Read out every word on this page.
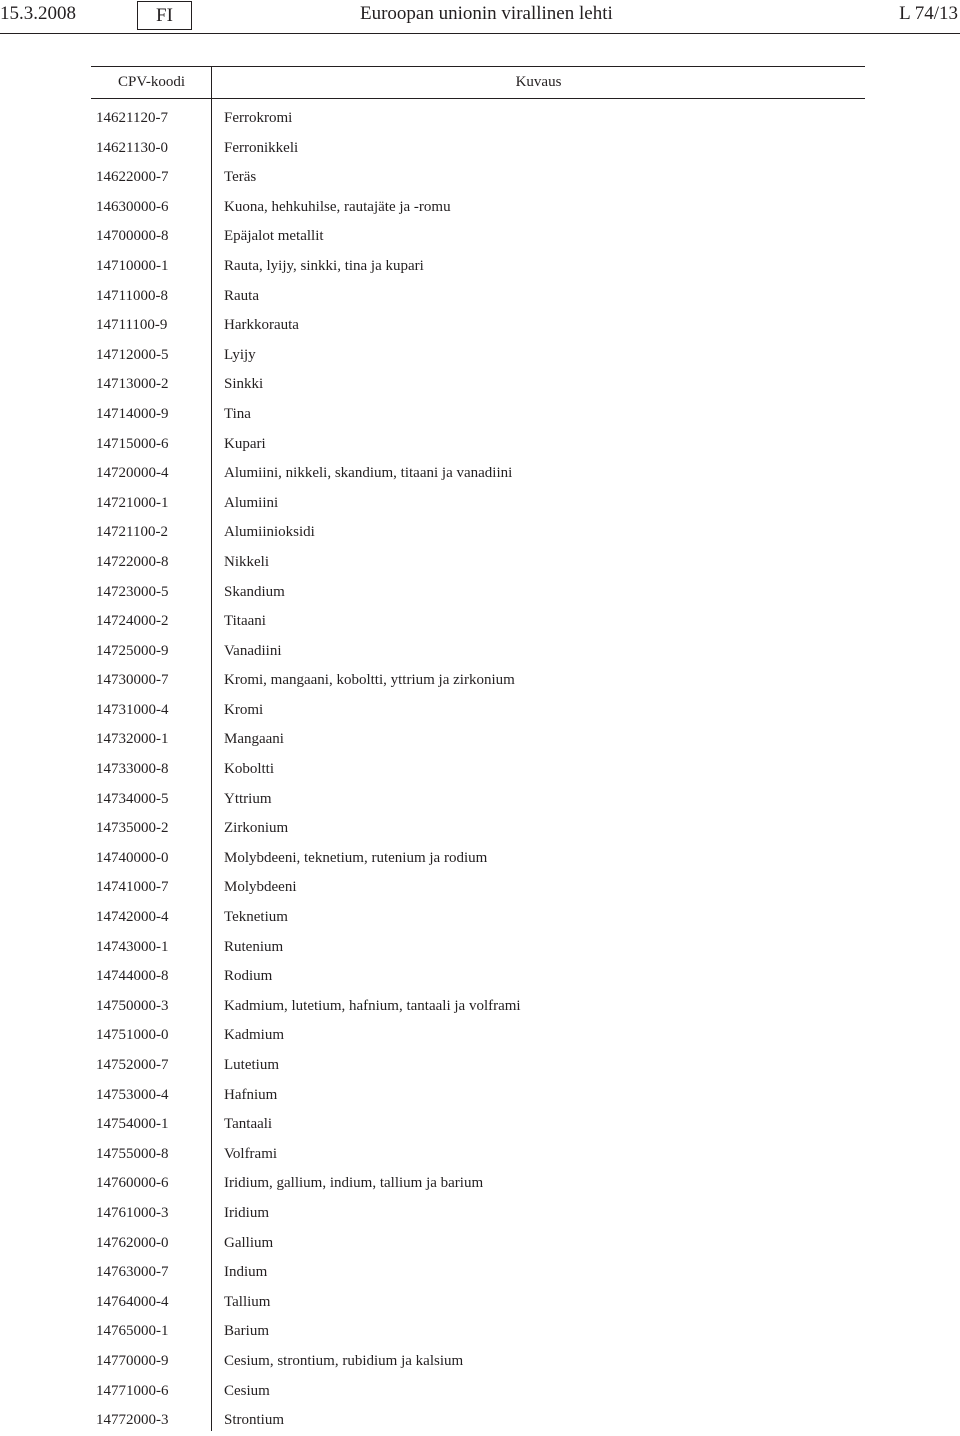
15.3.2008	FI	Euroopan unionin virallinen lehti	L 74/13
CPV-koodi	Kuvaus
14621120-7	Ferrokromi
14621130-0	Ferronikkeli
14622000-7	Teräs
14630000-6	Kuona, hehkuhilse, rautajäte ja -romu
14700000-8	Epäjalot metallit
14710000-1	Rauta, lyijy, sinkki, tina ja kupari
14711000-8	Rauta
14711100-9	Harkkorauta
14712000-5	Lyijy
14713000-2	Sinkki
14714000-9	Tina
14715000-6	Kupari
14720000-4	Alumiini, nikkeli, skandium, titaani ja vanadiini
14721000-1	Alumiini
14721100-2	Alumiinioksidi
14722000-8	Nikkeli
14723000-5	Skandium
14724000-2	Titaani
14725000-9	Vanadiini
14730000-7	Kromi, mangaani, koboltti, yttrium ja zirkonium
14731000-4	Kromi
14732000-1	Mangaani
14733000-8	Koboltti
14734000-5	Yttrium
14735000-2	Zirkonium
14740000-0	Molybdeeni, teknetium, rutenium ja rodium
14741000-7	Molybdeeni
14742000-4	Teknetium
14743000-1	Rutenium
14744000-8	Rodium
14750000-3	Kadmium, lutetium, hafnium, tantaali ja volframi
14751000-0	Kadmium
14752000-7	Lutetium
14753000-4	Hafnium
14754000-1	Tantaali
14755000-8	Volframi
14760000-6	Iridium, gallium, indium, tallium ja barium
14761000-3	Iridium
14762000-0	Gallium
14763000-7	Indium
14764000-4	Tallium
14765000-1	Barium
14770000-9	Cesium, strontium, rubidium ja kalsium
14771000-6	Cesium
14772000-3	Strontium
